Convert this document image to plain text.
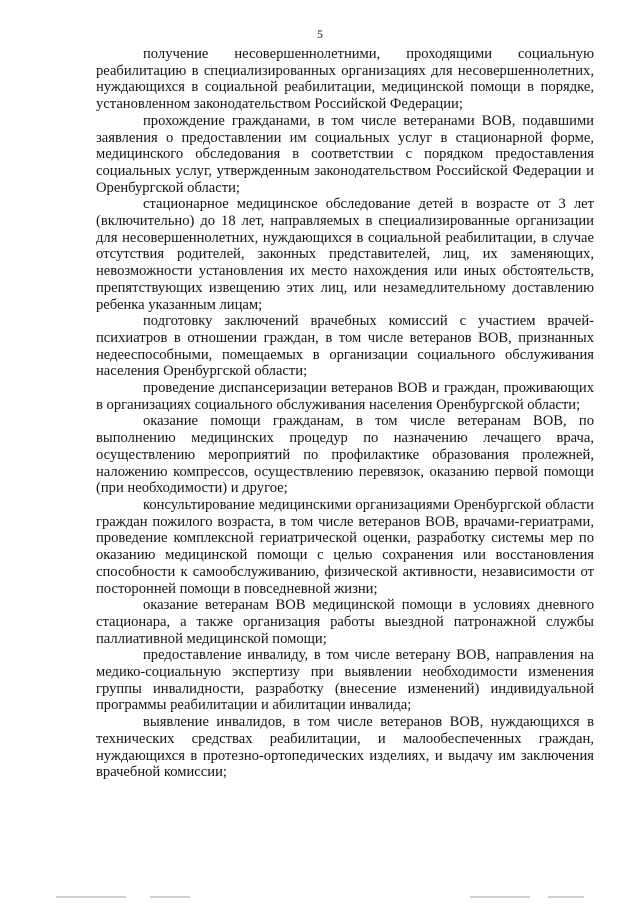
5

получение несовершеннолетними, проходящими социальную реабилитацию в специализированных организациях для несовершеннолетних, нуждающихся в социальной реабилитации, медицинской помощи в порядке, установленном законодательством Российской Федерации;

прохождение гражданами, в том числе ветеранами ВОВ, подавшими заявления о предоставлении им социальных услуг в стационарной форме, медицинского обследования в соответствии с порядком предоставления социальных услуг, утвержденным законодательством Российской Федерации и Оренбургской области;

стационарное медицинское обследование детей в возрасте от 3 лет (включительно) до 18 лет, направляемых в специализированные организации для несовершеннолетних, нуждающихся в социальной реабилитации, в случае отсутствия родителей, законных представителей, лиц, их заменяющих, невозможности установления их место нахождения или иных обстоятельств, препятствующих извещению этих лиц, или незамедлительному доставлению ребенка указанным лицам;

подготовку заключений врачебных комиссий с участием врачей-психиатров в отношении граждан, в том числе ветеранов ВОВ, признанных недееспособными, помещаемых в организации социального обслуживания населения Оренбургской области;

проведение диспансеризации ветеранов ВОВ и граждан, проживающих в организациях социального обслуживания населения Оренбургской области;

оказание помощи гражданам, в том числе ветеранам ВОВ, по выполнению медицинских процедур по назначению лечащего врача, осуществлению мероприятий по профилактике образования пролежней, наложению компрессов, осуществлению перевязок, оказанию первой помощи (при необходимости) и другое;

консультирование медицинскими организациями Оренбургской области граждан пожилого возраста, в том числе ветеранов ВОВ, врачами-гериатрами, проведение комплексной гериатрической оценки, разработку системы мер по оказанию медицинской помощи с целью сохранения или восстановления способности к самообслуживанию, физической активности, независимости от посторонней помощи в повседневной жизни;

оказание ветеранам ВОВ медицинской помощи в условиях дневного стационара, а также организация работы выездной патронажной службы паллиативной медицинской помощи;

предоставление инвалиду, в том числе ветерану ВОВ, направления на медико-социальную экспертизу при выявлении необходимости изменения группы инвалидности, разработку (внесение изменений) индивидуальной программы реабилитации и абилитации инвалида;

выявление инвалидов, в том числе ветеранов ВОВ, нуждающихся в технических средствах реабилитации, и малообеспеченных граждан, нуждающихся в протезно-ортопедических изделиях, и выдачу им заключения врачебной комиссии;
